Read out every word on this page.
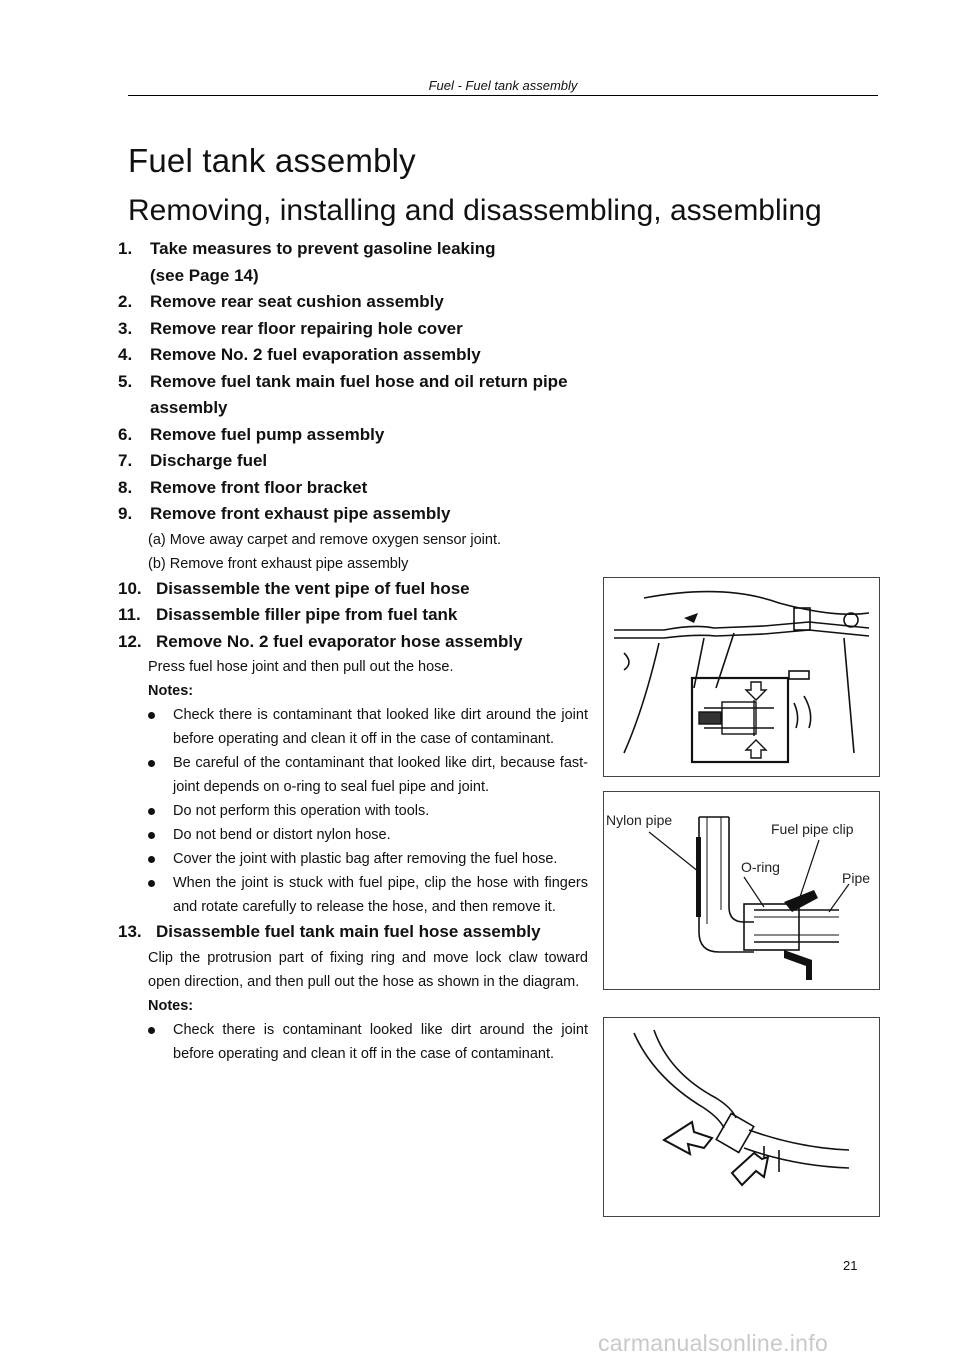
Fuel - Fuel tank assembly
Fuel tank assembly
Removing, installing and disassembling, assembling
1. Take measures to prevent gasoline leaking
(see Page 14)
2. Remove rear seat cushion assembly
3. Remove rear floor repairing hole cover
4. Remove No. 2 fuel evaporation assembly
5. Remove fuel tank main fuel hose and oil return pipe
assembly
6. Remove fuel pump assembly
7. Discharge fuel
8. Remove front floor bracket
9. Remove front exhaust pipe assembly
(a) Move away carpet and remove oxygen sensor joint.
(b) Remove front exhaust pipe assembly
10. Disassemble the vent pipe of fuel hose
11. Disassemble filler pipe from fuel tank
12. Remove No. 2 fuel evaporator hose assembly
Press fuel hose joint and then pull out the hose.
Notes:
Check there is contaminant that looked like dirt around the joint before operating and clean it off in the case of contaminant.
Be careful of the contaminant that looked like dirt, because fast-joint depends on o-ring to seal fuel pipe and joint.
Do not perform this operation with tools.
Do not bend or distort nylon hose.
Cover the joint with plastic bag after removing the fuel hose.
When the joint is stuck with fuel pipe, clip the hose with fingers and rotate carefully to release the hose, and then remove it.
13. Disassemble fuel tank main fuel hose assembly
Clip the protrusion part of fixing ring and move lock claw toward open direction, and then pull out the hose as shown in the diagram.
Notes:
Check there is contaminant looked like dirt around the joint before operating and clean it off in the case of contaminant.
Nylon pipe
Fuel pipe clip
O-ring
Pipe
21
carmanualsonline.info
